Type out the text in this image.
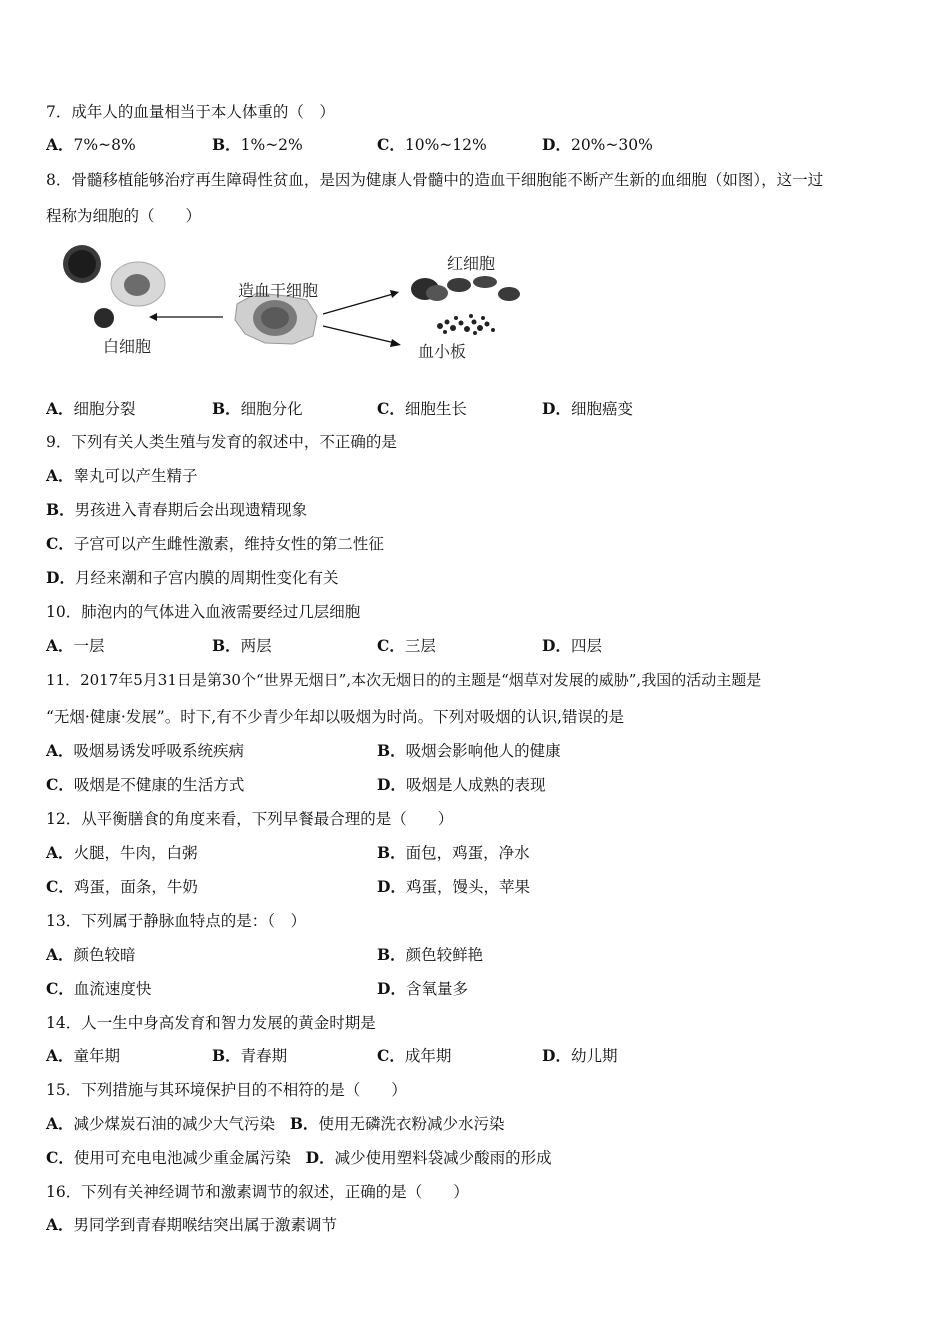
7．成年人的血量相当于本人体重的（　）
A．7%~8%	B．1%~2%	C．10%~12%	D．20%~30%
8．骨髓移植能够治疗再生障碍性贫血，是因为健康人骨髓中的造血干细胞能不断产生新的血细胞（如图），这一过
程称为细胞的（　　）
白细胞
造血干细胞
红细胞
血小板
A．细胞分裂	B．细胞分化	C．细胞生长	D．细胞癌变
9．下列有关人类生殖与发育的叙述中，不正确的是
A．睾丸可以产生精子
B．男孩进入青春期后会出现遗精现象
C．子宫可以产生雌性激素，维持女性的第二性征
D．月经来潮和子宫内膜的周期性变化有关
10．肺泡内的气体进入血液需要经过几层细胞
A．一层	B．两层	C．三层	D．四层
11．2017年5月31日是第30个“世界无烟日”,本次无烟日的的主题是“烟草对发展的威胁”,我国的活动主题是
“无烟·健康·发展”。时下,有不少青少年却以吸烟为时尚。下列对吸烟的认识,错误的是
A．吸烟易诱发呼吸系统疾病	B．吸烟会影响他人的健康
C．吸烟是不健康的生活方式	D．吸烟是人成熟的表现
12．从平衡膳食的角度来看，下列早餐最合理的是（　　）
A．火腿，牛肉，白粥	B．面包，鸡蛋，净水
C．鸡蛋，面条，牛奶	D．鸡蛋，馒头，苹果
13．下列属于静脉血特点的是：（　）
A．颜色较暗	B．颜色较鲜艳
C．血流速度快	D．含氧量多
14．人一生中身高发育和智力发展的黄金时期是
A．童年期	B．青春期	C．成年期	D．幼儿期
15．下列措施与其环境保护目的不相符的是（　　）
A．减少煤炭石油的减少大气污染 B．使用无磷洗衣粉减少水污染
C．使用可充电电池减少重金属污染 D．减少使用塑料袋减少酸雨的形成
16．下列有关神经调节和激素调节的叙述，正确的是（　　）
A．男同学到青春期喉结突出属于激素调节
